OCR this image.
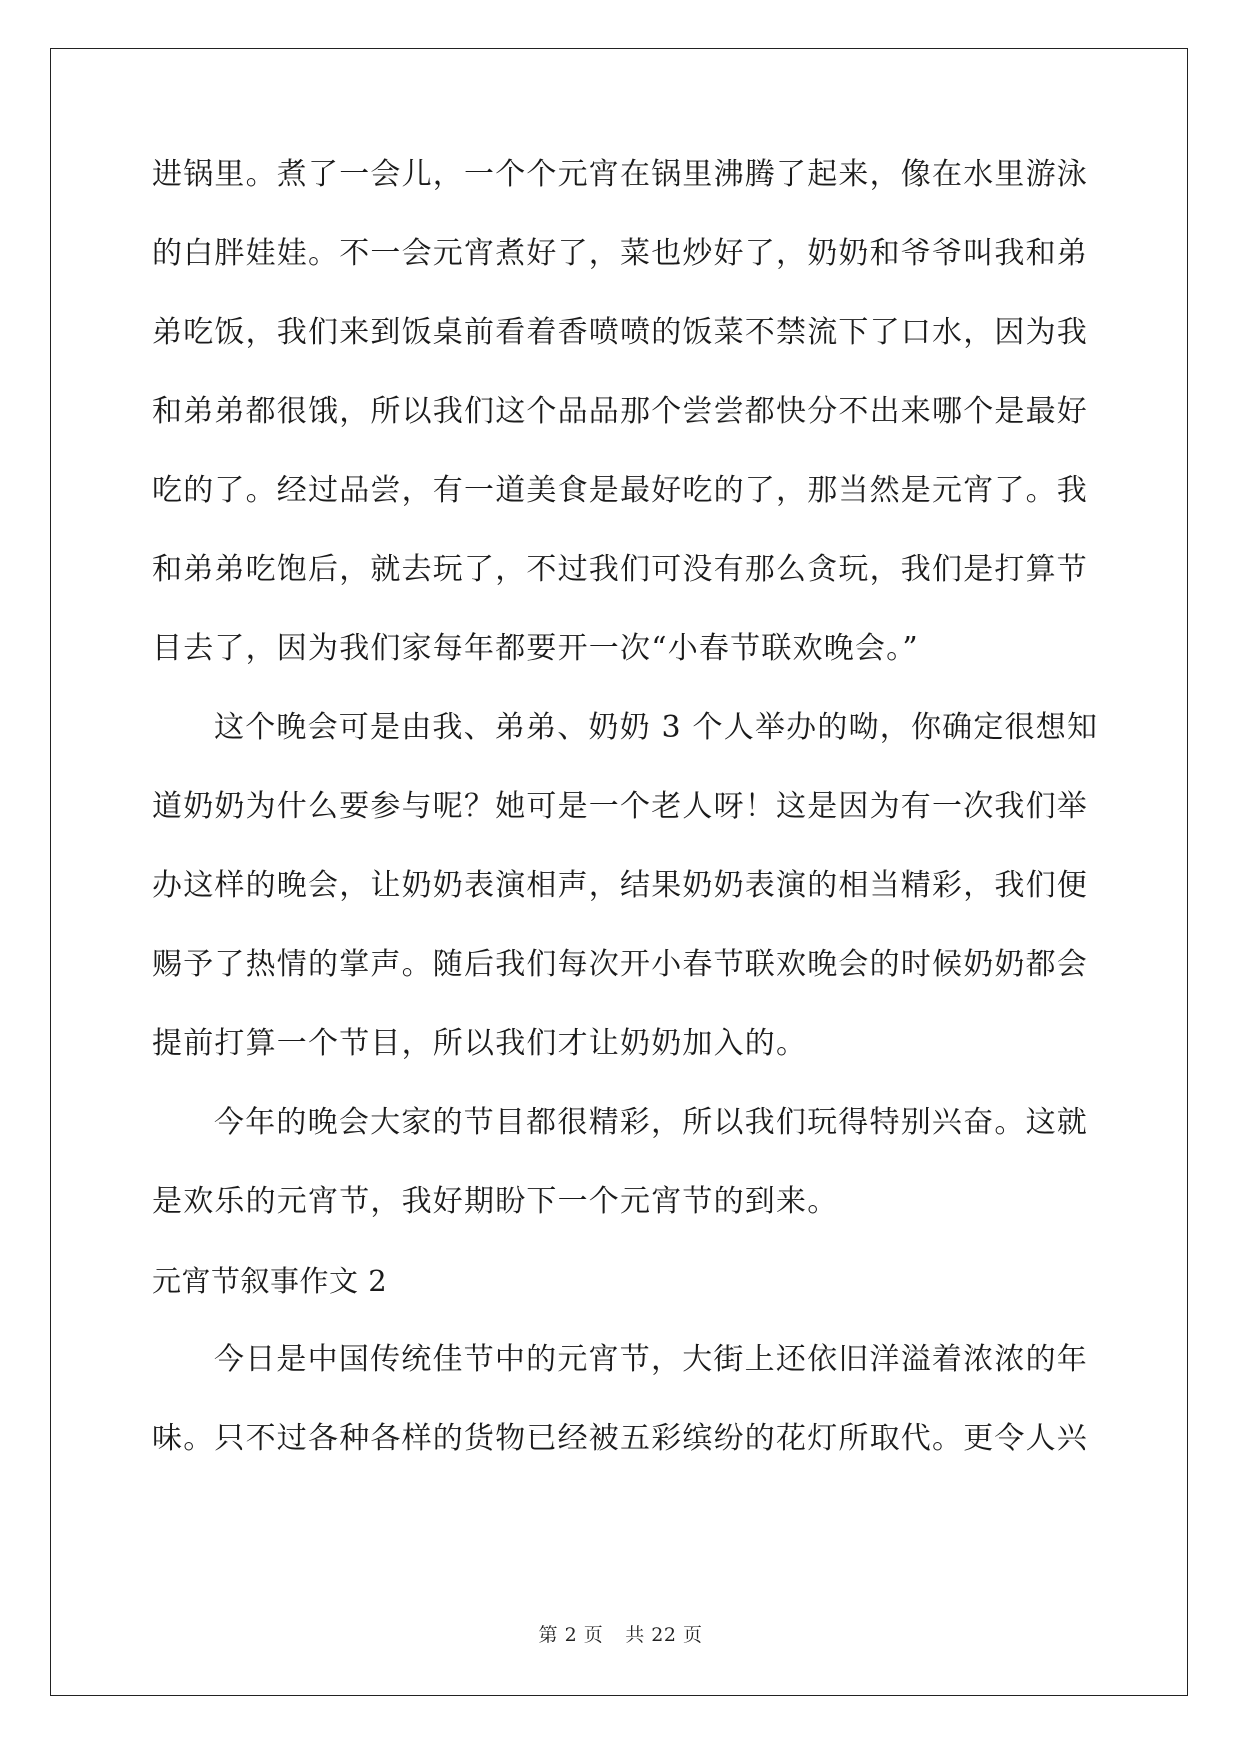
进锅里。煮了一会儿，一个个元宵在锅里沸腾了起来，像在水里游泳
的白胖娃娃。不一会元宵煮好了，菜也炒好了，奶奶和爷爷叫我和弟
弟吃饭，我们来到饭桌前看着香喷喷的饭菜不禁流下了口水，因为我
和弟弟都很饿，所以我们这个品品那个尝尝都快分不出来哪个是最好
吃的了。经过品尝，有一道美食是最好吃的了，那当然是元宵了。我
和弟弟吃饱后，就去玩了，不过我们可没有那么贪玩，我们是打算节
目去了，因为我们家每年都要开一次“小春节联欢晚会。”
这个晚会可是由我、弟弟、奶奶 3 个人举办的呦，你确定很想知
道奶奶为什么要参与呢？她可是一个老人呀！这是因为有一次我们举
办这样的晚会，让奶奶表演相声，结果奶奶表演的相当精彩，我们便
赐予了热情的掌声。随后我们每次开小春节联欢晚会的时候奶奶都会
提前打算一个节目，所以我们才让奶奶加入的。
今年的晚会大家的节目都很精彩，所以我们玩得特别兴奋。这就
是欢乐的元宵节，我好期盼下一个元宵节的到来。
元宵节叙事作文 2
今日是中国传统佳节中的元宵节，大街上还依旧洋溢着浓浓的年
味。只不过各种各样的货物已经被五彩缤纷的花灯所取代。更令人兴
第 2 页 共 22 页
